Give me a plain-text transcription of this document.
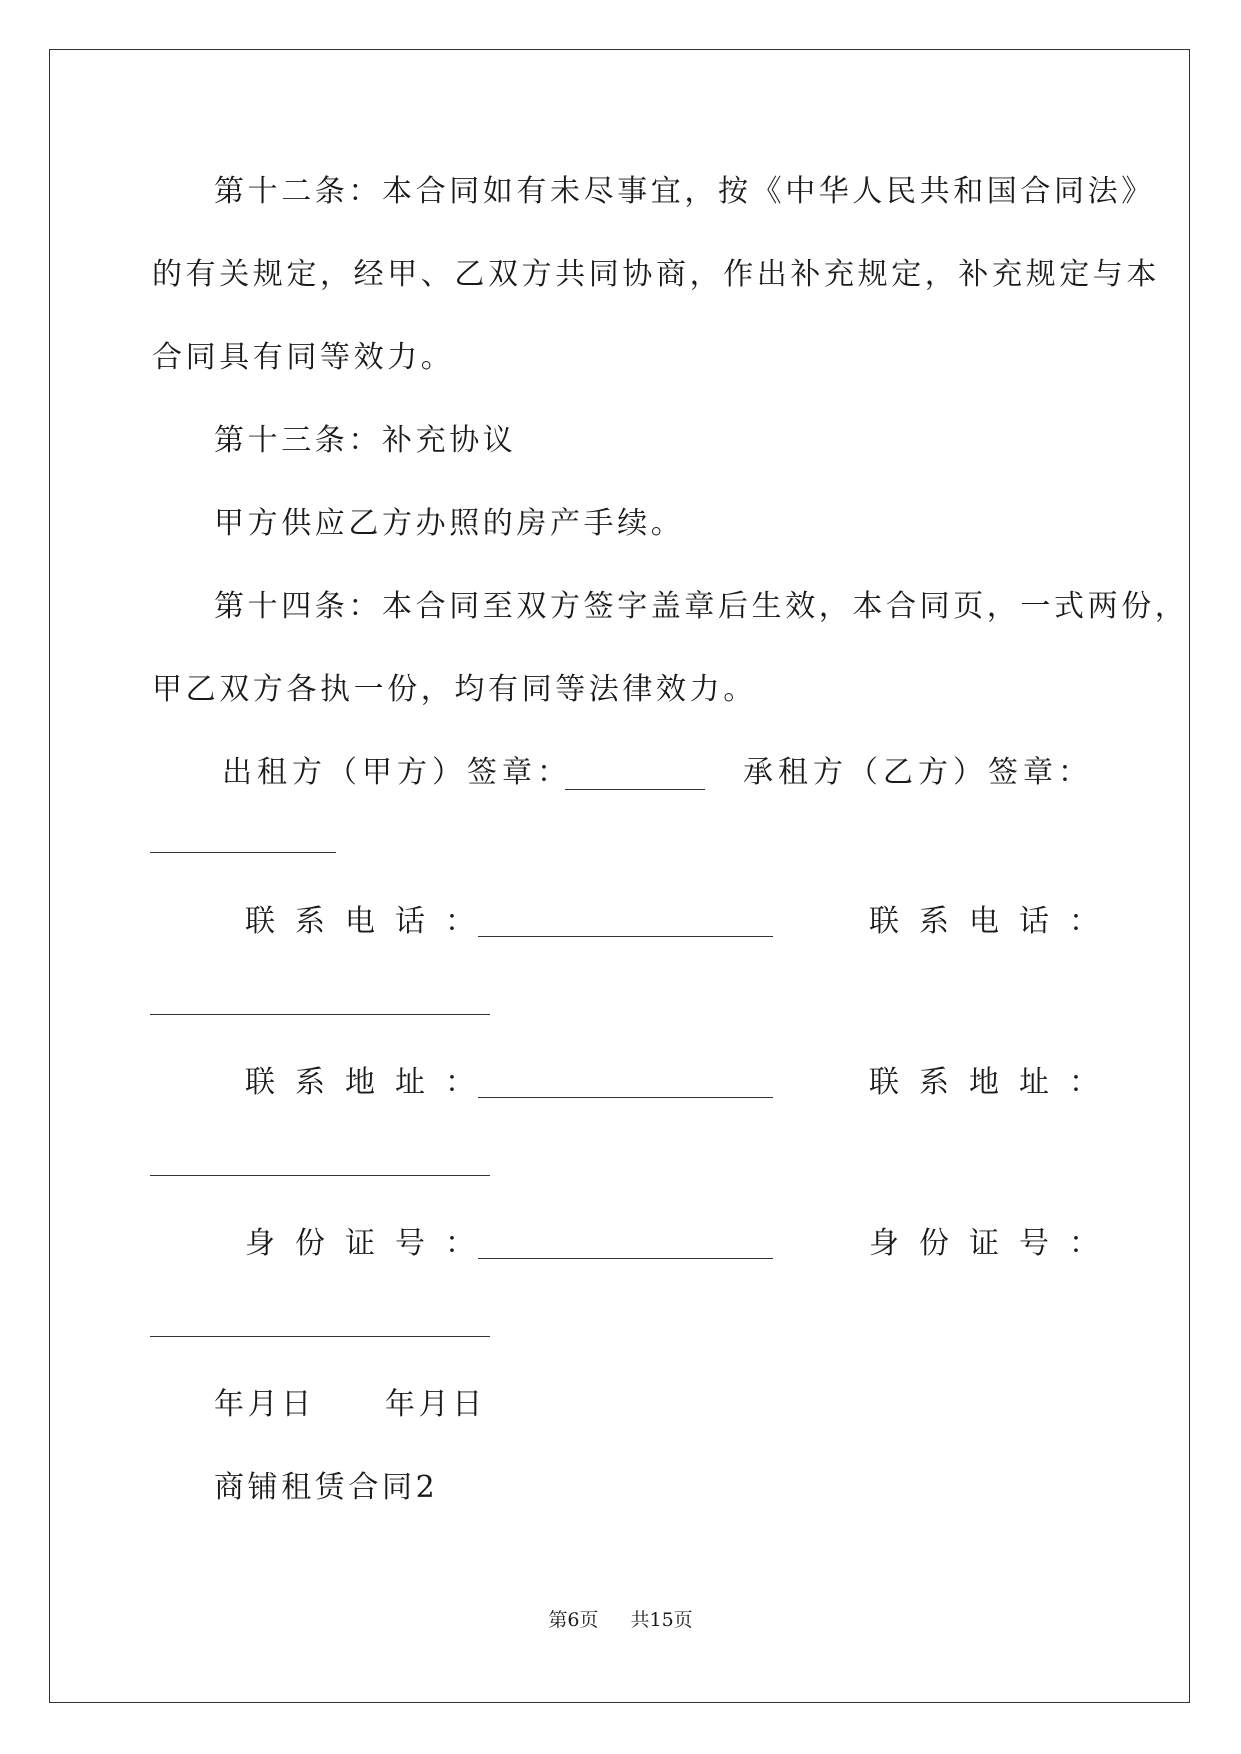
第十二条：本合同如有未尽事宜，按《中华人民共和国合同法》
的有关规定，经甲、乙双方共同协商，作出补充规定，补充规定与本
合同具有同等效力。
第十三条：补充协议
甲方供应乙方办照的房产手续。
第十四条：本合同至双方签字盖章后生效，本合同页，一式两份，
甲乙双方各执一份，均有同等法律效力。
出租方（甲方）签章：	承租方（乙方）签章：
联系电话：	联系电话：
联系地址：	联系地址：
身份证号：	身份证号：
年月日 年月日
商铺租赁合同2
第6页 共15页
